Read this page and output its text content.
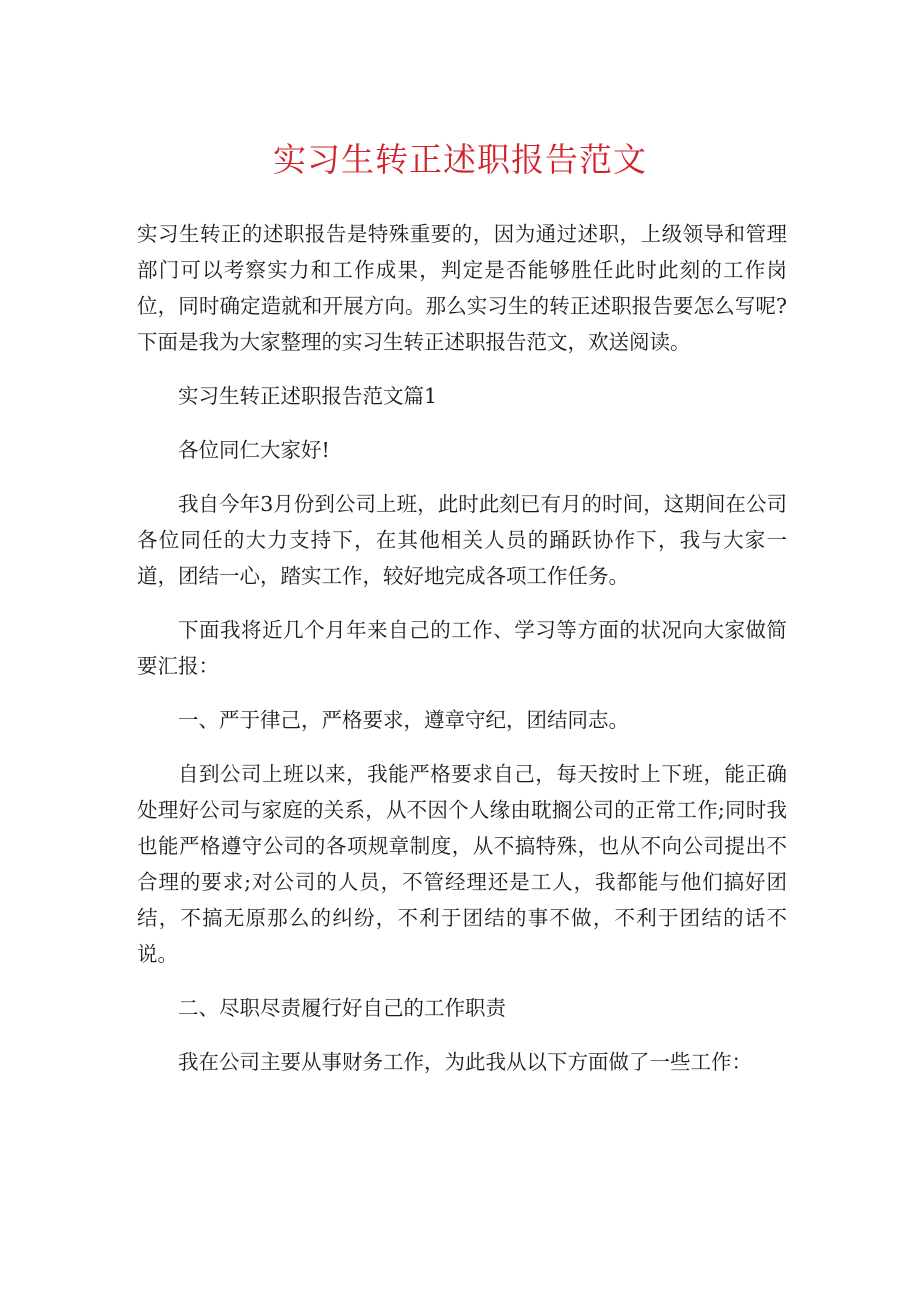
实习生转正述职报告范文

实习生转正的述职报告是特殊重要的，因为通过述职，上级领导和管理部门可以考察实力和工作成果，判定是否能够胜任此时此刻的工作岗位，同时确定造就和开展方向。那么实习生的转正述职报告要怎么写呢?下面是我为大家整理的实习生转正述职报告范文，欢送阅读。

实习生转正述职报告范文篇1

各位同仁大家好!

我自今年3月份到公司上班，此时此刻已有月的时间，这期间在公司各位同任的大力支持下，在其他相关人员的踊跃协作下，我与大家一道，团结一心，踏实工作，较好地完成各项工作任务。

下面我将近几个月年来自己的工作、学习等方面的状况向大家做简要汇报：

一、严于律己，严格要求，遵章守纪，团结同志。

自到公司上班以来，我能严格要求自己，每天按时上下班，能正确处理好公司与家庭的关系，从不因个人缘由耽搁公司的正常工作;同时我也能严格遵守公司的各项规章制度，从不搞特殊，也从不向公司提出不合理的要求;对公司的人员，不管经理还是工人，我都能与他们搞好团结，不搞无原那么的纠纷，不利于团结的事不做，不利于团结的话不说。

二、尽职尽责履行好自己的工作职责

我在公司主要从事财务工作，为此我从以下方面做了一些工作：
